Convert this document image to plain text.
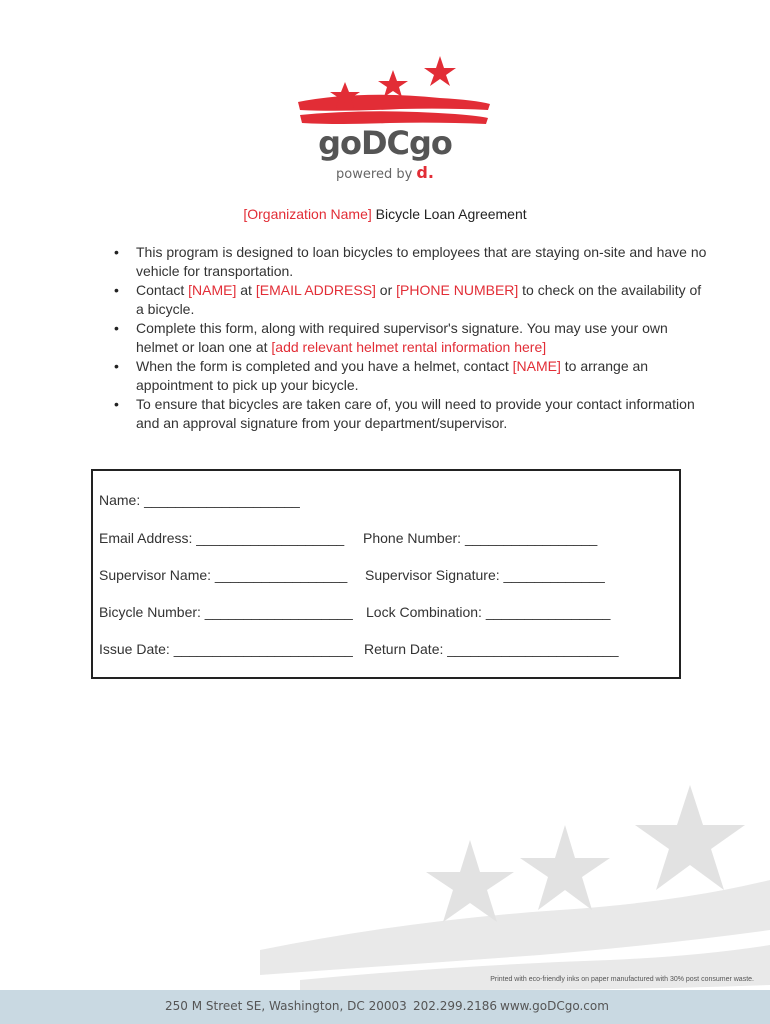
goDCgo
powered by d.
[Organization Name] Bicycle Loan Agreement
• This program is designed to loan bicycles to employees that are staying on-site and have no vehicle for transportation.
• Contact [NAME] at [EMAIL ADDRESS] or [PHONE NUMBER] to check on the availability of a bicycle.
• Complete this form, along with required supervisor's signature. You may use your own helmet or loan one at [add relevant helmet rental information here]
• When the form is completed and you have a helmet, contact [NAME] to arrange an appointment to pick up your bicycle.
• To ensure that bicycles are taken care of, you will need to provide your contact information and an approval signature from your department/supervisor.
Name: ____________________
Email Address: ___________________ Phone Number: _________________
Supervisor Name: _________________ Supervisor Signature: _____________
Bicycle Number: ___________________ Lock Combination: ________________
Issue Date: _______________________ Return Date: ______________________
Printed with eco-friendly inks on paper manufactured with 30% post consumer waste.
250 M Street SE, Washington, DC 20003 202.299.2186 www.goDCgo.com
